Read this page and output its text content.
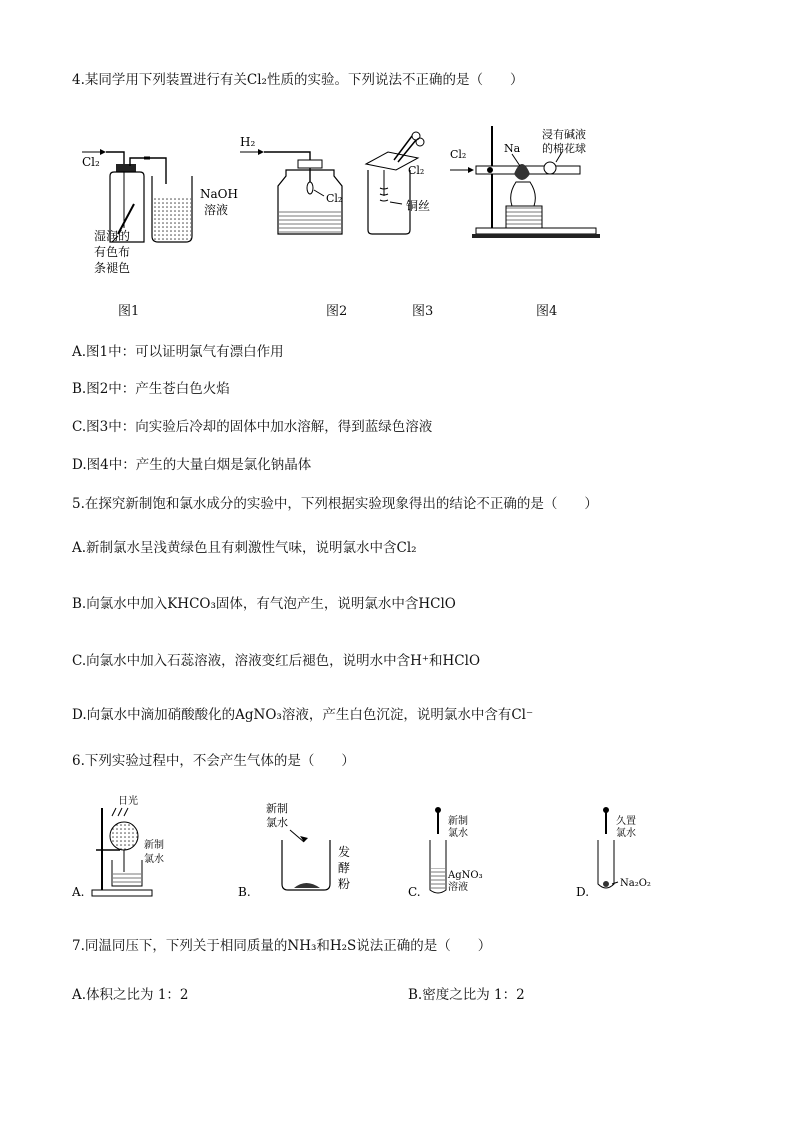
4.某同学用下列装置进行有关Cl₂性质的实验。下列说法不正确的是（　　）
Cl₂
NaOH
溶液
湿润的
有色布
条褪色
H₂
Cl₂
Cl₂
铜丝
Cl₂	Na
浸有碱液
的棉花球
图1	图2	图3	图4
A.图1中：可以证明氯气有漂白作用
B.图2中：产生苍白色火焰
C.图3中：向实验后冷却的固体中加水溶解，得到蓝绿色溶液
D.图4中：产生的大量白烟是氯化钠晶体
5.在探究新制饱和氯水成分的实验中，下列根据实验现象得出的结论不正确的是（　　）
A.新制氯水呈浅黄绿色且有刺激性气味，说明氯水中含Cl₂
B.向氯水中加入KHCO₃固体，有气泡产生，说明氯水中含HClO
C.向氯水中加入石蕊溶液，溶液变红后褪色，说明水中含H⁺和HClO
D.向氯水中滴加硝酸酸化的AgNO₃溶液，产生白色沉淀，说明氯水中含有Cl⁻
6.下列实验过程中，不会产生气体的是（　　）
A.
日光
新制
氯水
B.
新制
氯水
发
酵
粉
C.
新制
氯水
AgNO₃
溶液	D.
久置
氯水
Na₂O₂
7.同温同压下，下列关于相同质量的NH₃和H₂S说法正确的是（　　）
A.体积之比为 1：2	B.密度之比为 1：2
